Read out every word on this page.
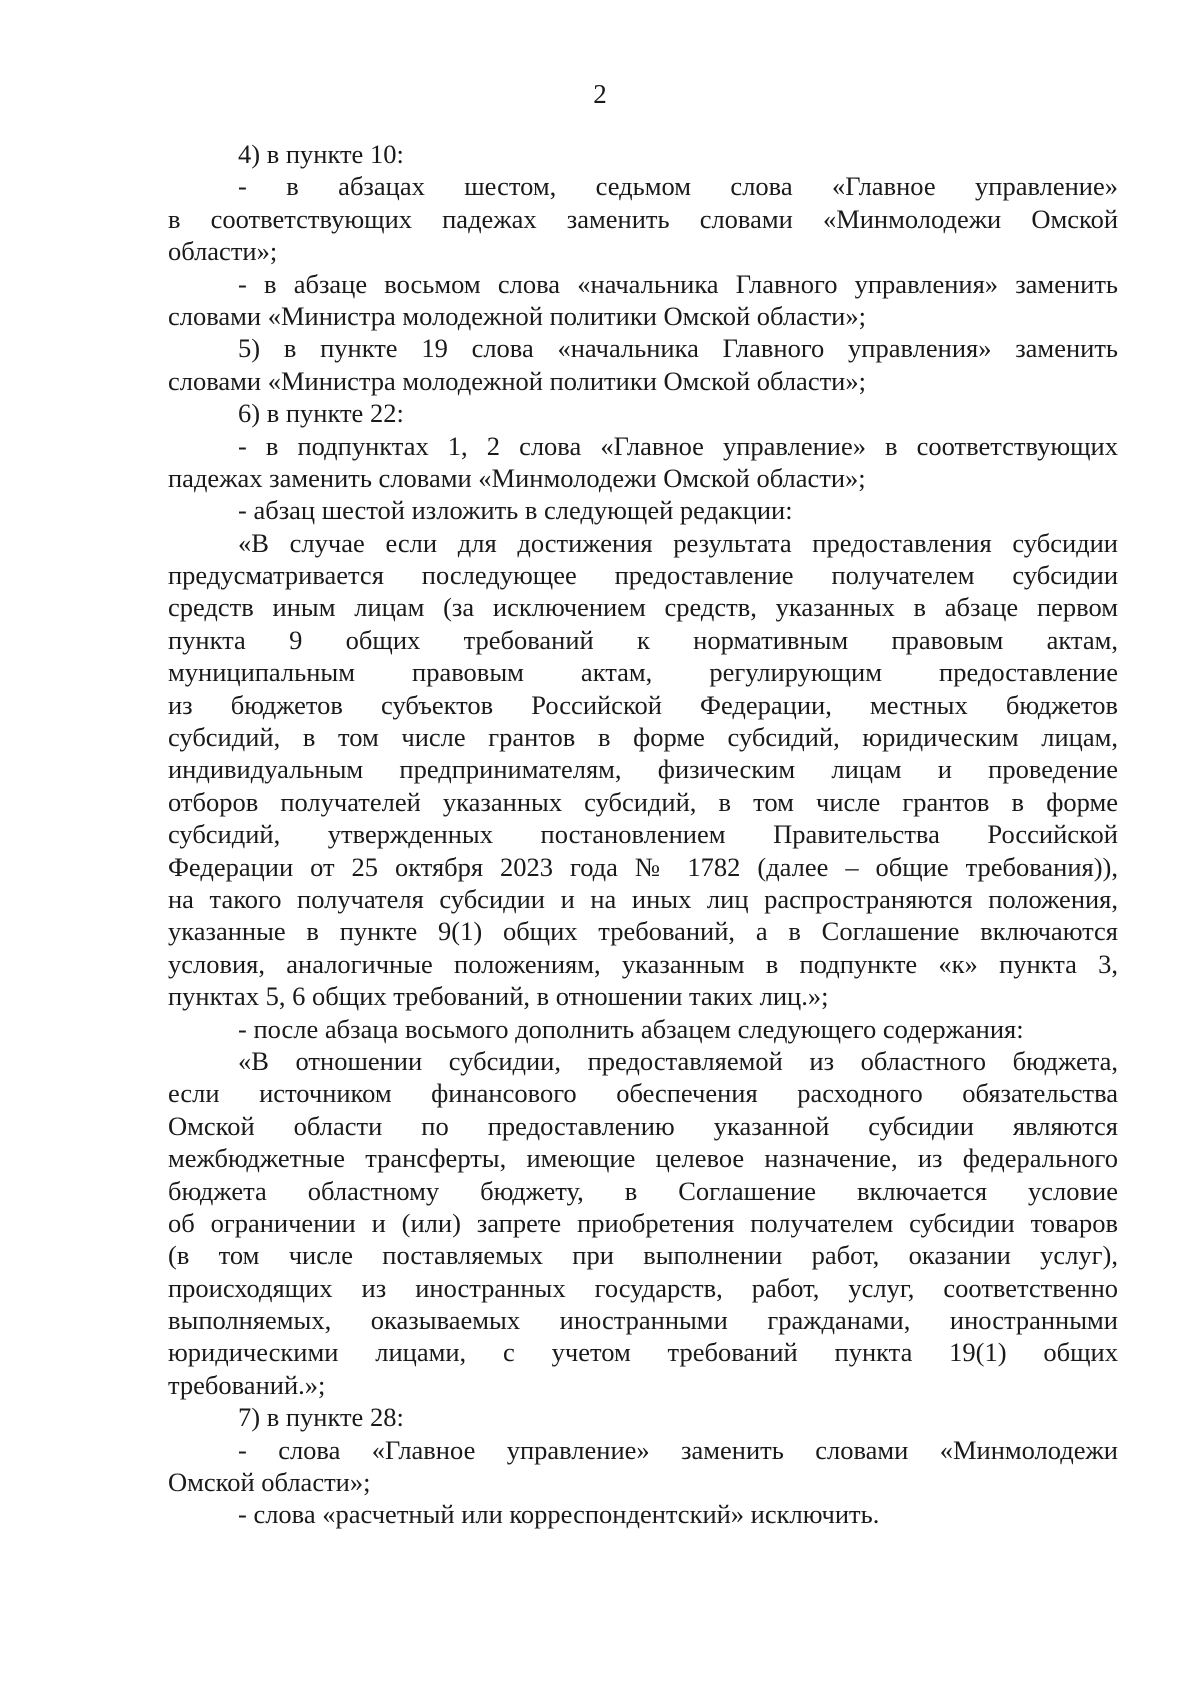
2
4) в пункте 10:
- в абзацах шестом, седьмом слова «Главное управление»
в соответствующих падежах заменить словами «Минмолодежи Омской
области»;
- в абзаце восьмом слова «начальника Главного управления» заменить
словами «Министра молодежной политики Омской области»;
5) в пункте 19 слова «начальника Главного управления» заменить
словами «Министра молодежной политики Омской области»;
6) в пункте 22:
- в подпунктах 1, 2 слова «Главное управление» в соответствующих
падежах заменить словами «Минмолодежи Омской области»;
- абзац шестой изложить в следующей редакции:
«В случае если для достижения результата предоставления субсидии
предусматривается последующее предоставление получателем субсидии
средств иным лицам (за исключением средств, указанных в абзаце первом
пункта 9 общих требований к нормативным правовым актам,
муниципальным правовым актам, регулирующим предоставление
из бюджетов субъектов Российской Федерации, местных бюджетов
субсидий, в том числе грантов в форме субсидий, юридическим лицам,
индивидуальным предпринимателям, физическим лицам и проведение
отборов получателей указанных субсидий, в том числе грантов в форме
субсидий, утвержденных постановлением Правительства Российской
Федерации от 25 октября 2023 года № 1782 (далее – общие требования)),
на такого получателя субсидии и на иных лиц распространяются положения,
указанные в пункте 9(1) общих требований, а в Соглашение включаются
условия, аналогичные положениям, указанным в подпункте «к» пункта 3,
пунктах 5, 6 общих требований, в отношении таких лиц.»;
- после абзаца восьмого дополнить абзацем следующего содержания:
«В отношении субсидии, предоставляемой из областного бюджета,
если источником финансового обеспечения расходного обязательства
Омской области по предоставлению указанной субсидии являются
межбюджетные трансферты, имеющие целевое назначение, из федерального
бюджета областному бюджету, в Соглашение включается условие
об ограничении и (или) запрете приобретения получателем субсидии товаров
(в том числе поставляемых при выполнении работ, оказании услуг),
происходящих из иностранных государств, работ, услуг, соответственно
выполняемых, оказываемых иностранными гражданами, иностранными
юридическими лицами, с учетом требований пункта 19(1) общих
требований.»;
7) в пункте 28:
- слова «Главное управление» заменить словами «Минмолодежи
Омской области»;
- слова «расчетный или корреспондентский» исключить.
